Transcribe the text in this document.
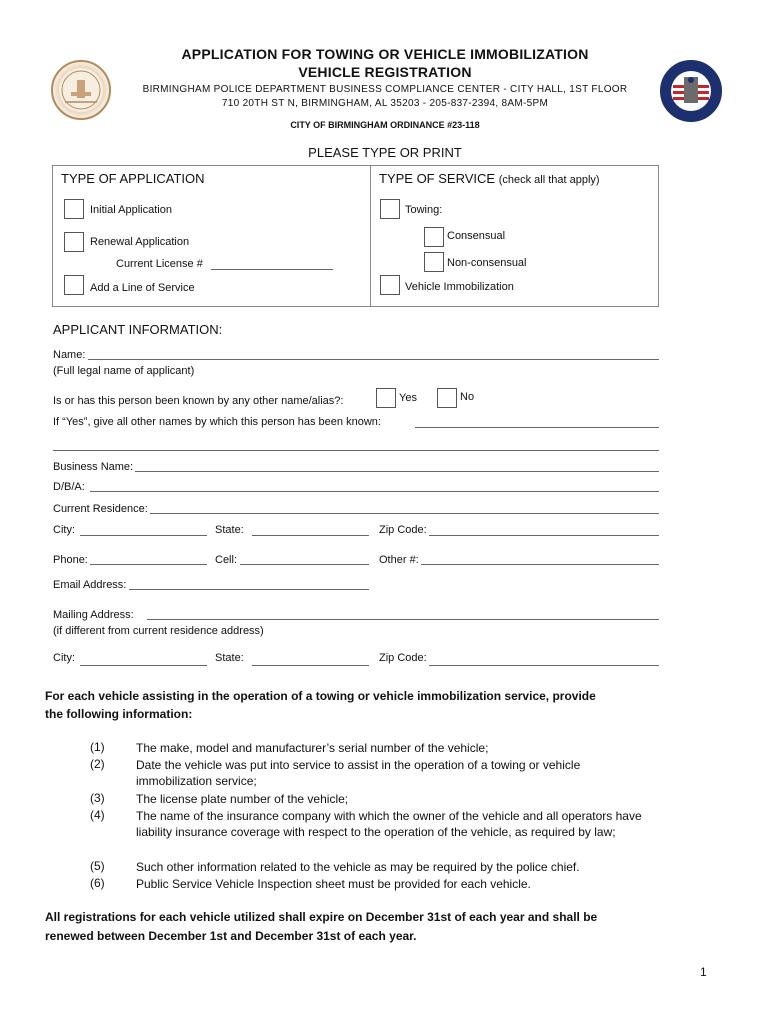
APPLICATION FOR TOWING OR VEHICLE IMMOBILIZATION
VEHICLE REGISTRATION
BIRMINGHAM POLICE DEPARTMENT BUSINESS COMPLIANCE CENTER - CITY HALL, 1ST FLOOR
710 20TH ST N, BIRMINGHAM, AL 35203 - 205-837-2394, 8AM-5PM
CITY OF BIRMINGHAM ORDINANCE #23-118
PLEASE TYPE OR PRINT
TYPE OF APPLICATION
Initial Application
Renewal Application
Current License #
Add a Line of Service
TYPE OF SERVICE (check all that apply)
Towing:
Consensual
Non-consensual
Vehicle Immobilization
APPLICANT INFORMATION:
Name:
(Full legal name of applicant)
Is or has this person been known by any other name/alias?:	Yes	No
If “Yes”, give all other names by which this person has been known:
Business Name:
D/B/A:
Current Residence:
City:	State:	Zip Code:
Phone:	Cell:	Other #:
Email Address:
Mailing Address:
(if different from current residence address)
City:	State:	Zip Code:
For each vehicle assisting in the operation of a towing or vehicle immobilization service, provide
the following information:
(1)	The make, model and manufacturer’s serial number of the vehicle;
(2)	Date the vehicle was put into service to assist in the operation of a towing or vehicle immobilization service;
(3)	The license plate number of the vehicle;
(4)	The name of the insurance company with which the owner of the vehicle and all operators have liability insurance coverage with respect to the operation of the vehicle, as required by law;
(5)	Such other information related to the vehicle as may be required by the police chief.
(6)	Public Service Vehicle Inspection sheet must be provided for each vehicle.
All registrations for each vehicle utilized shall expire on December 31st of each year and shall be
renewed between December 1st and December 31st of each year.
1
